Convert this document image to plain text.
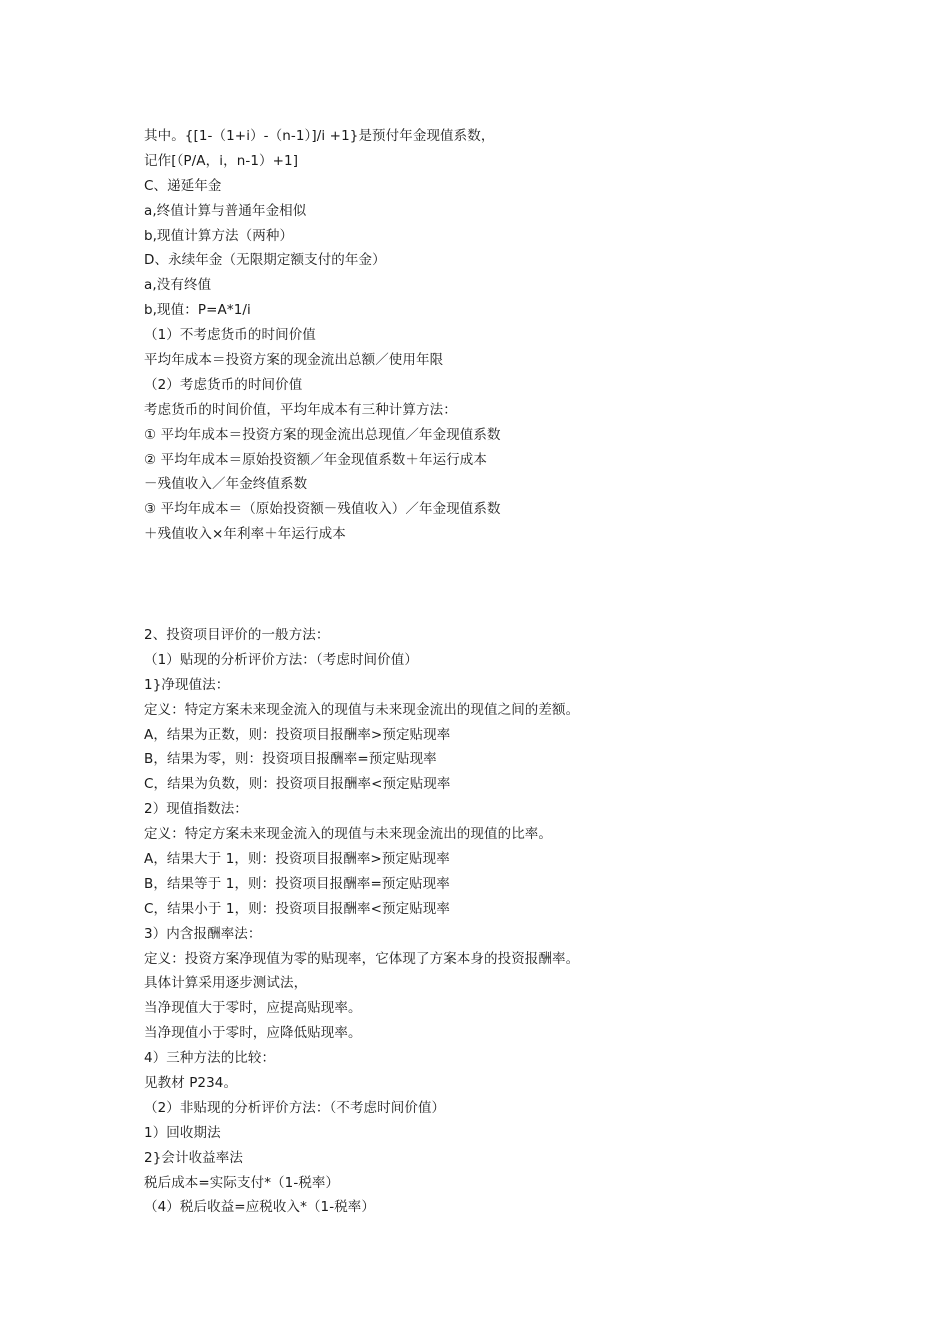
其中。{[1-（1+i）-（n-1）]/i +1}是预付年金现值系数，
记作[（P/A，i，n-1）+1]
C、递延年金
a,终值计算与普通年金相似
b,现值计算方法（两种）
D、永续年金（无限期定额支付的年金）
a,没有终值
b,现值：P=A*1/i
（1）不考虑货币的时间价值
平均年成本＝投资方案的现金流出总额／使用年限
（2）考虑货币的时间价值
考虑货币的时间价值，平均年成本有三种计算方法：
① 平均年成本＝投资方案的现金流出总现值／年金现值系数
② 平均年成本＝原始投资额／年金现值系数＋年运行成本
－残值收入／年金终值系数
③ 平均年成本＝（原始投资额－残值收入）／年金现值系数
＋残值收入×年利率＋年运行成本
2、投资项目评价的一般方法：
（1）贴现的分析评价方法：（考虑时间价值）
1}净现值法：
定义：特定方案未来现金流入的现值与未来现金流出的现值之间的差额。
A，结果为正数，则：投资项目报酬率>预定贴现率
B，结果为零，则：投资项目报酬率=预定贴现率
C，结果为负数，则：投资项目报酬率<预定贴现率
2）现值指数法：
定义：特定方案未来现金流入的现值与未来现金流出的现值的比率。
A，结果大于 1，则：投资项目报酬率>预定贴现率
B，结果等于 1，则：投资项目报酬率=预定贴现率
C，结果小于 1，则：投资项目报酬率<预定贴现率
3）内含报酬率法：
定义：投资方案净现值为零的贴现率，它体现了方案本身的投资报酬率。
具体计算采用逐步测试法，
当净现值大于零时，应提高贴现率。
当净现值小于零时，应降低贴现率。
4）三种方法的比较：
见教材 P234。
（2）非贴现的分析评价方法：（不考虑时间价值）
1）回收期法
2}会计收益率法
税后成本=实际支付*（1-税率）
（4）税后收益=应税收入*（1-税率）
